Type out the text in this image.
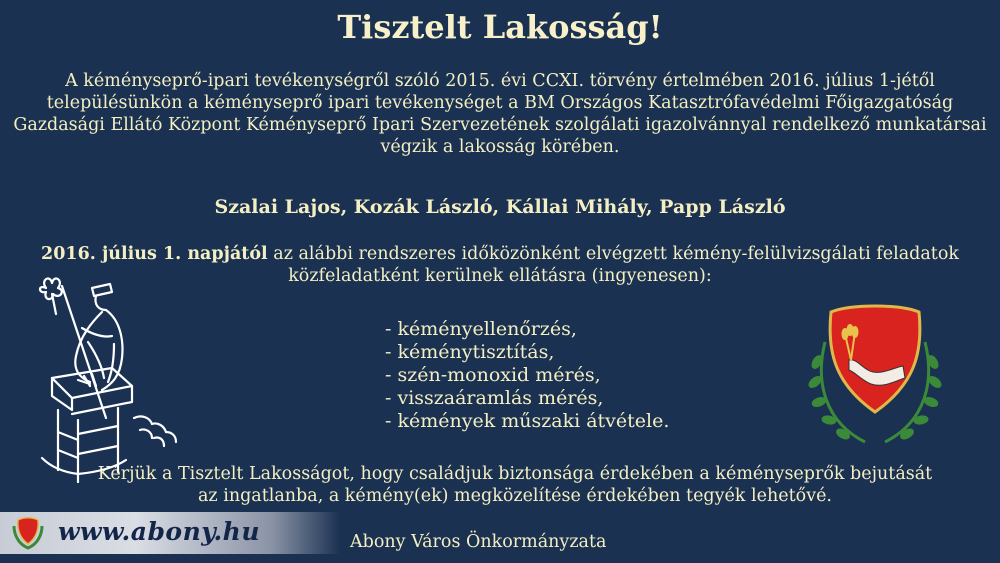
Tisztelt Lakosság!
A kéményseprő-ipari tevékenységről szóló 2015. évi CCXI. törvény értelmében 2016. július 1-jétől településünkön a kéményseprő ipari tevékenységet a BM Országos Katasztrófavédelmi Főigazgatóság Gazdasági Ellátó Központ Kéményseprő Ipari Szervezetének szolgálati igazolvánnyal rendelkező munkatársai végzik a lakosság körében.
Szalai Lajos, Kozák László, Kállai Mihály, Papp László
2016. július 1. napjától az alábbi rendszeres időközönként elvégzett kémény-felülvizsgálati feladatok közfeladatként kerülnek ellátásra (ingyenesen):
- kéményellenőrzés,
- kéménytisztítás,
- szén-monoxid mérés,
- visszaáramlás mérés,
- kémények műszaki átvétele.
Kérjük a Tisztelt Lakosságot, hogy családjuk biztonsága érdekében a kéményseprők bejutását az ingatlanba, a kémény(ek) megközelítése érdekében tegyék lehetővé.
www.abony.hu	Abony Város Önkormányzata
